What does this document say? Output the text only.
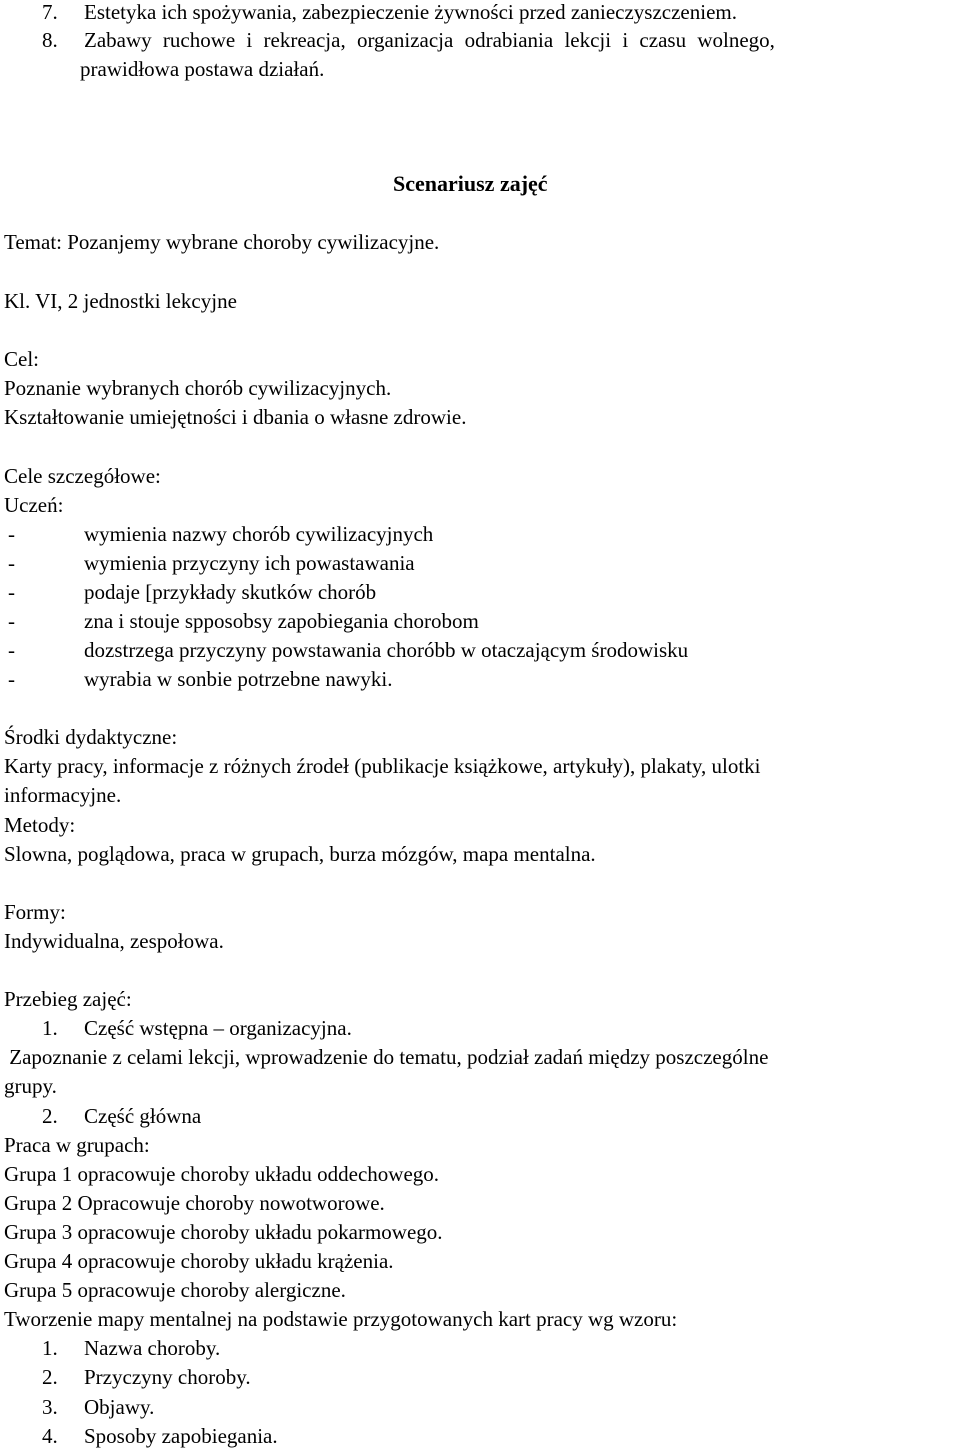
7. Estetyka ich spożywania, zabezpieczenie żywności przed zanieczyszczeniem.
8. Zabawy ruchowe i rekreacja, organizacja odrabiania lekcji i czasu wolnego,
prawidłowa postawa działań.
Scenariusz zajęć
Temat: Pozanjemy wybrane choroby cywilizacyjne.
Kl. VI, 2 jednostki lekcyjne
Cel:
Poznanie wybranych chorób cywilizacyjnych.
Kształtowanie umiejętności i dbania o własne zdrowie.
Cele szczegółowe:
Uczeń:
-	wymienia nazwy chorób cywilizacyjnych
-	wymienia przyczyny ich powastawania
-	podaje [przykłady skutków chorób
-	zna i stouje spposobsy zapobiegania chorobom
-	dozstrzega przyczyny powstawania choróbb w otaczającym środowisku
-	wyrabia w sonbie potrzebne nawyki.
Środki dydaktyczne:
Karty pracy, informacje z różnych źrodeł (publikacje książkowe, artykuły), plakaty, ulotki
informacyjne.
Metody:
Slowna, poglądowa, praca w grupach, burza mózgów, mapa mentalna.
Formy:
Indywidualna, zespołowa.
Przebieg zajęć:
1. Część wstępna – organizacyjna.
Zapoznanie z celami lekcji, wprowadzenie do tematu, podział zadań między poszczególne
grupy.
2. Część główna
Praca w grupach:
Grupa 1 opracowuje choroby układu oddechowego.
Grupa 2 Opracowuje choroby nowotworowe.
Grupa 3 opracowuje choroby układu pokarmowego.
Grupa 4 opracowuje choroby układu krążenia.
Grupa 5 opracowuje choroby alergiczne.
Tworzenie mapy mentalnej na podstawie przygotowanych kart pracy wg wzoru:
1. Nazwa choroby.
2. Przyczyny choroby.
3. Objawy.
4. Sposoby zapobiegania.
